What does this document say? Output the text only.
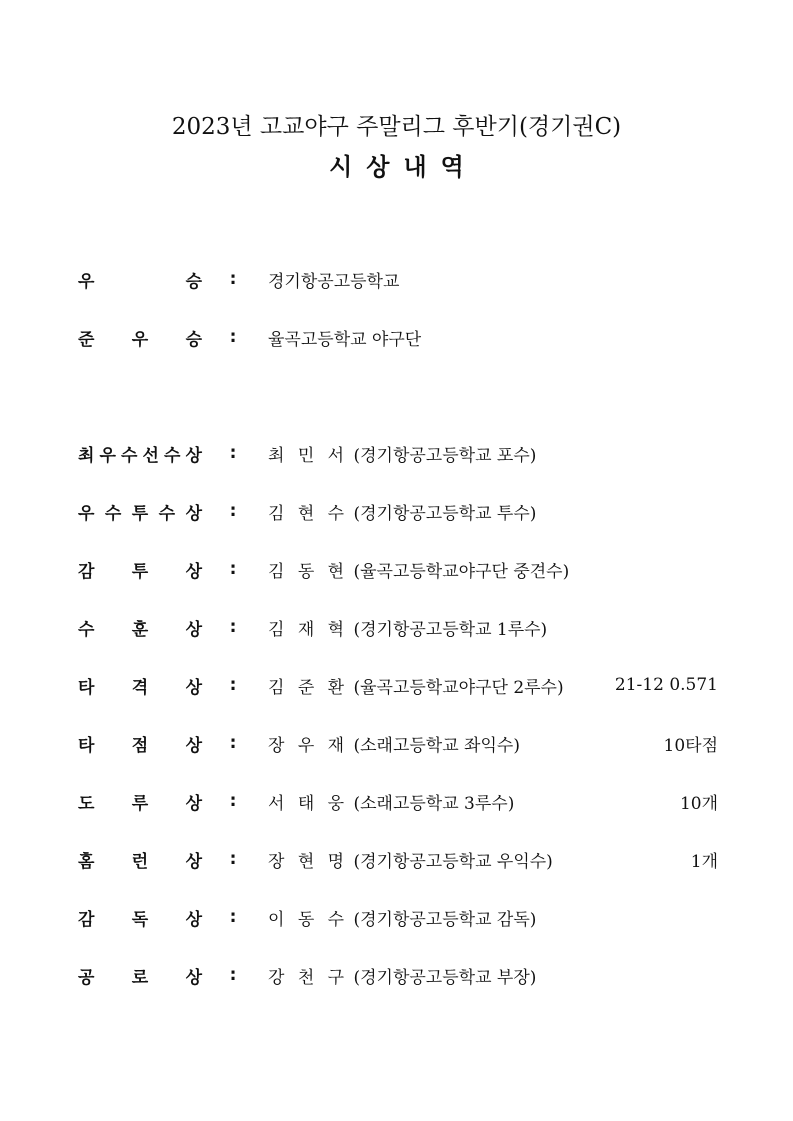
2023년 고교야구 주말리그 후반기(경기권C)
시상내역
우	승	:	경기항공고등학교
준 우 승	:	율곡고등학교 야구단
최 우 수 선 수 상	:	최 민 서 (경기항공고등학교 포수)
우 수 투 수 상	:	김 현 수 (경기항공고등학교 투수)
감 투 상	:	김 동 현 (율곡고등학교야구단 중견수)
수 훈 상	:	김 재 혁 (경기항공고등학교 1루수)
타 격 상	:	김 준 환 (율곡고등학교야구단 2루수)	21-12 0.571
타 점 상	:	장 우 재 (소래고등학교 좌익수)	10타점
도 루 상	:	서 태 웅 (소래고등학교 3루수)	10개
홈 런 상	:	장 현 명 (경기항공고등학교 우익수)	1개
감 독 상	:	이 동 수 (경기항공고등학교 감독)
공 로 상	:	강 천 구 (경기항공고등학교 부장)
